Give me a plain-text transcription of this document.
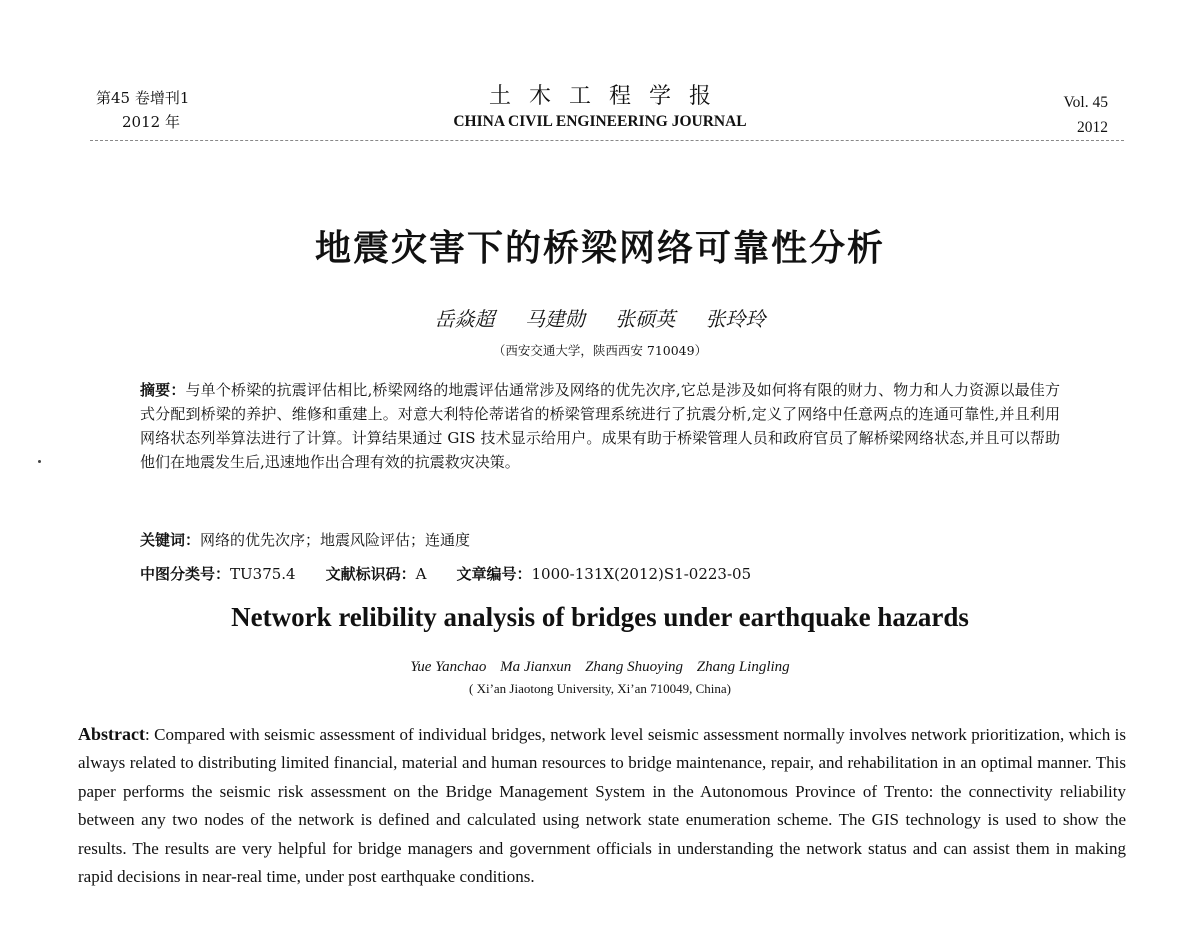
第45 卷增刊1
2012 年
土木工程学报
CHINA CIVIL ENGINEERING JOURNAL
Vol. 45
2012
地震灾害下的桥梁网络可靠性分析
岳焱超 马建勋 张硕英 张玲玲
（西安交通大学，陕西西安 710049）
摘要：与单个桥梁的抗震评估相比,桥梁网络的地震评估通常涉及网络的优先次序,它总是涉及如何将有限的财力、物力和人力资源以最佳方式分配到桥梁的养护、维修和重建上。对意大利特伦蒂诺省的桥梁管理系统进行了抗震分析,定义了网络中任意两点的连通可靠性,并且利用网络状态列举算法进行了计算。计算结果通过 GIS 技术显示给用户。成果有助于桥梁管理人员和政府官员了解桥梁网络状态,并且可以帮助他们在地震发生后,迅速地作出合理有效的抗震救灾决策。
关键词：网络的优先次序；地震风险评估；连通度
中图分类号：TU375.4 文献标识码：A 文章编号：1000-131X(2012)S1-0223-05
Network relibility analysis of bridges under earthquake hazards
Yue Yanchao Ma Jianxun Zhang Shuoying Zhang Lingling
( Xi’an Jiaotong University, Xi’an 710049, China)
Abstract: Compared with seismic assessment of individual bridges, network level seismic assessment normally involves network prioritization, which is always related to distributing limited financial, material and human resources to bridge maintenance, repair, and rehabilitation in an optimal manner. This paper performs the seismic risk assessment on the Bridge Management System in the Autonomous Province of Trento: the connectivity reliability between any two nodes of the network is defined and calculated using network state enumeration scheme. The GIS technology is used to show the results. The results are very helpful for bridge managers and government officials in understanding the network status and can assist them in making rapid decisions in near-real time, under post earthquake conditions.
